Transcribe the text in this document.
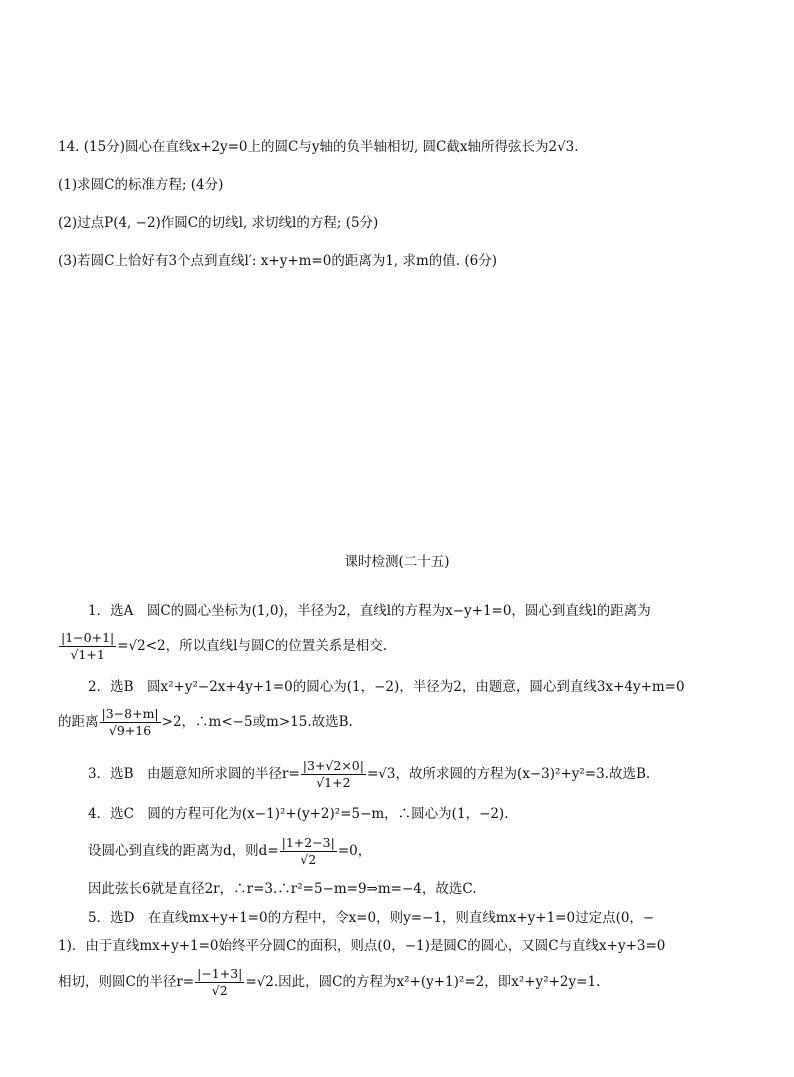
14. (15分)圆心在直线x+2y=0上的圆C与y轴的负半轴相切, 圆C截x轴所得弦长为2√3.
(1)求圆C的标准方程; (4分)
(2)过点P(4, −2)作圆C的切线l, 求切线l的方程; (5分)
(3)若圆C上恰好有3个点到直线l′: x+y+m=0的距离为1, 求m的值. (6分)
课时检测(二十五)
1．选A　圆C的圆心坐标为(1,0)，半径为2，直线l的方程为x−y+1=0，圆心到直线l的距离为
$\frac{|1-0+1|}{√1+1} =√2<2$，所以直线l与圆C的位置关系是相交.
2．选B　圆x²+y²−2x+4y+1=0的圆心为(1，−2)，半径为2，由题意，圆心到直线3x+4y+m=0
的距离 $\frac{|3-8+m|}{√9+16} >2$，∴m<−5或m>15.故选B.
3．选B　由题意知所求圆的半径$r= \frac{|3+√2\times 0|}{√1+2} =√3$，故所求圆的方程为(x−3)²+y²=3.故选B.
4．选C　圆的方程可化为(x−1)²+(y+2)²=5−m，∴圆心为(1，−2).
设圆心到直线的距离为d，则$d= \frac{|1+2-3|}{√2} =0$，
因此弦长6就是直径2r，∴r=3.∴r²=5−m=9⇒m=−4，故选C.
5．选D　在直线mx+y+1=0的方程中，令x=0，则y=−1，则直线mx+y+1=0过定点(0，−
1)．由于直线mx+y+1=0始终平分圆C的面积，则点(0，−1)是圆C的圆心，又圆C与直线x+y+3=0
相切，则圆C的半径$r= \frac{|-1+3|}{√2} =√2$.因此，圆C的方程为x²+(y+1)²=2，即x²+y²+2y=1.
